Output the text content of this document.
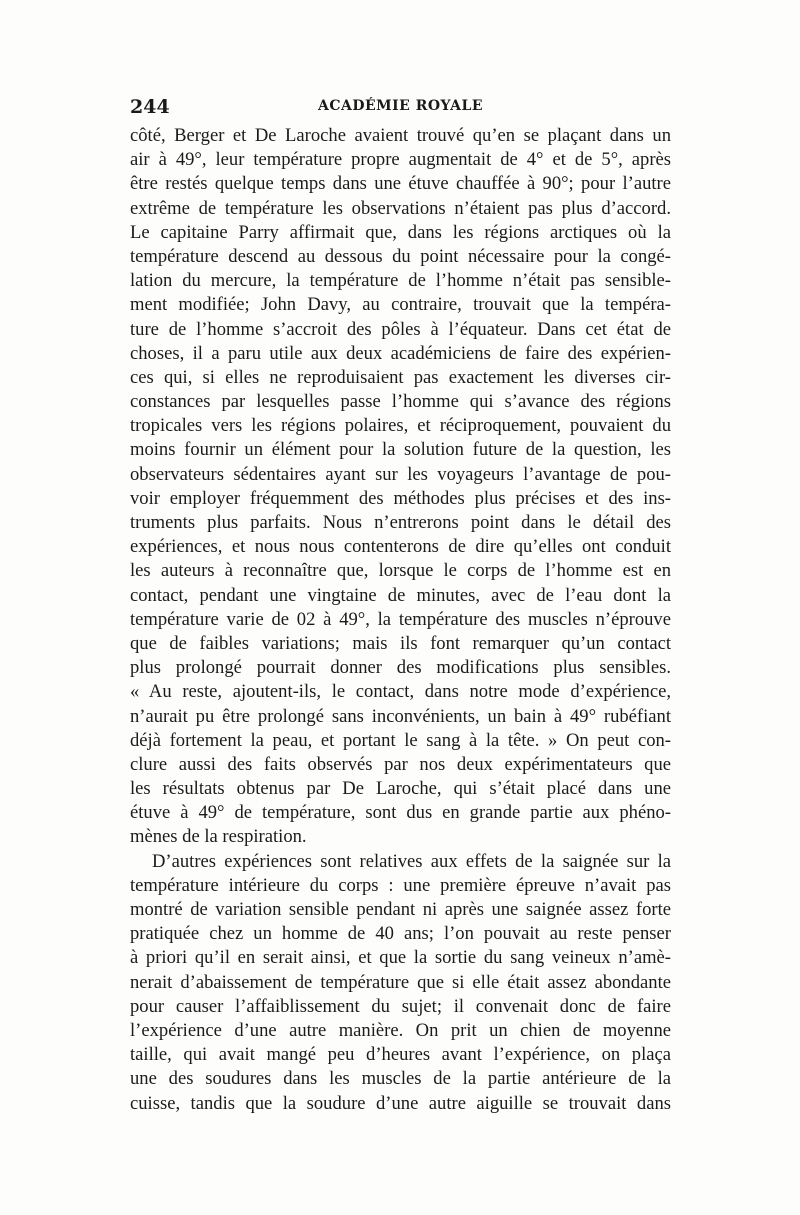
244	ACADÉMIE ROYALE
côté, Berger et De Laroche avaient trouvé qu’en se plaçant dans un
air à 49°, leur température propre augmentait de 4° et de 5°, après
être restés quelque temps dans une étuve chauffée à 90°; pour l’autre
extrême de température les observations n’étaient pas plus d’accord.
Le capitaine Parry affirmait que, dans les régions arctiques où la
température descend au dessous du point nécessaire pour la congé-
lation du mercure, la température de l’homme n’était pas sensible-
ment modifiée; John Davy, au contraire, trouvait que la tempéra-
ture de l’homme s’accroit des pôles à l’équateur. Dans cet état de
choses, il a paru utile aux deux académiciens de faire des expérien-
ces qui, si elles ne reproduisaient pas exactement les diverses cir-
constances par lesquelles passe l’homme qui s’avance des régions
tropicales vers les régions polaires, et réciproquement, pouvaient du
moins fournir un élément pour la solution future de la question, les
observateurs sédentaires ayant sur les voyageurs l’avantage de pou-
voir employer fréquemment des méthodes plus précises et des ins-
truments plus parfaits. Nous n’entrerons point dans le détail des
expériences, et nous nous contenterons de dire qu’elles ont conduit
les auteurs à reconnaître que, lorsque le corps de l’homme est en
contact, pendant une vingtaine de minutes, avec de l’eau dont la
température varie de 02 à 49°, la température des muscles n’éprouve
que de faibles variations; mais ils font remarquer qu’un contact
plus prolongé pourrait donner des modifications plus sensibles.
« Au reste, ajoutent-ils, le contact, dans notre mode d’expérience,
n’aurait pu être prolongé sans inconvénients, un bain à 49° rubéfiant
déjà fortement la peau, et portant le sang à la tête. » On peut con-
clure aussi des faits observés par nos deux expérimentateurs que
les résultats obtenus par De Laroche, qui s’était placé dans une
étuve à 49° de température, sont dus en grande partie aux phéno-
mènes de la respiration.
D’autres expériences sont relatives aux effets de la saignée sur la
température intérieure du corps : une première épreuve n’avait pas
montré de variation sensible pendant ni après une saignée assez forte
pratiquée chez un homme de 40 ans; l’on pouvait au reste penser
à priori qu’il en serait ainsi, et que la sortie du sang veineux n’amè-
nerait d’abaissement de température que si elle était assez abondante
pour causer l’affaiblissement du sujet; il convenait donc de faire
l’expérience d’une autre manière. On prit un chien de moyenne
taille, qui avait mangé peu d’heures avant l’expérience, on plaça
une des soudures dans les muscles de la partie antérieure de la
cuisse, tandis que la soudure d’une autre aiguille se trouvait dans
